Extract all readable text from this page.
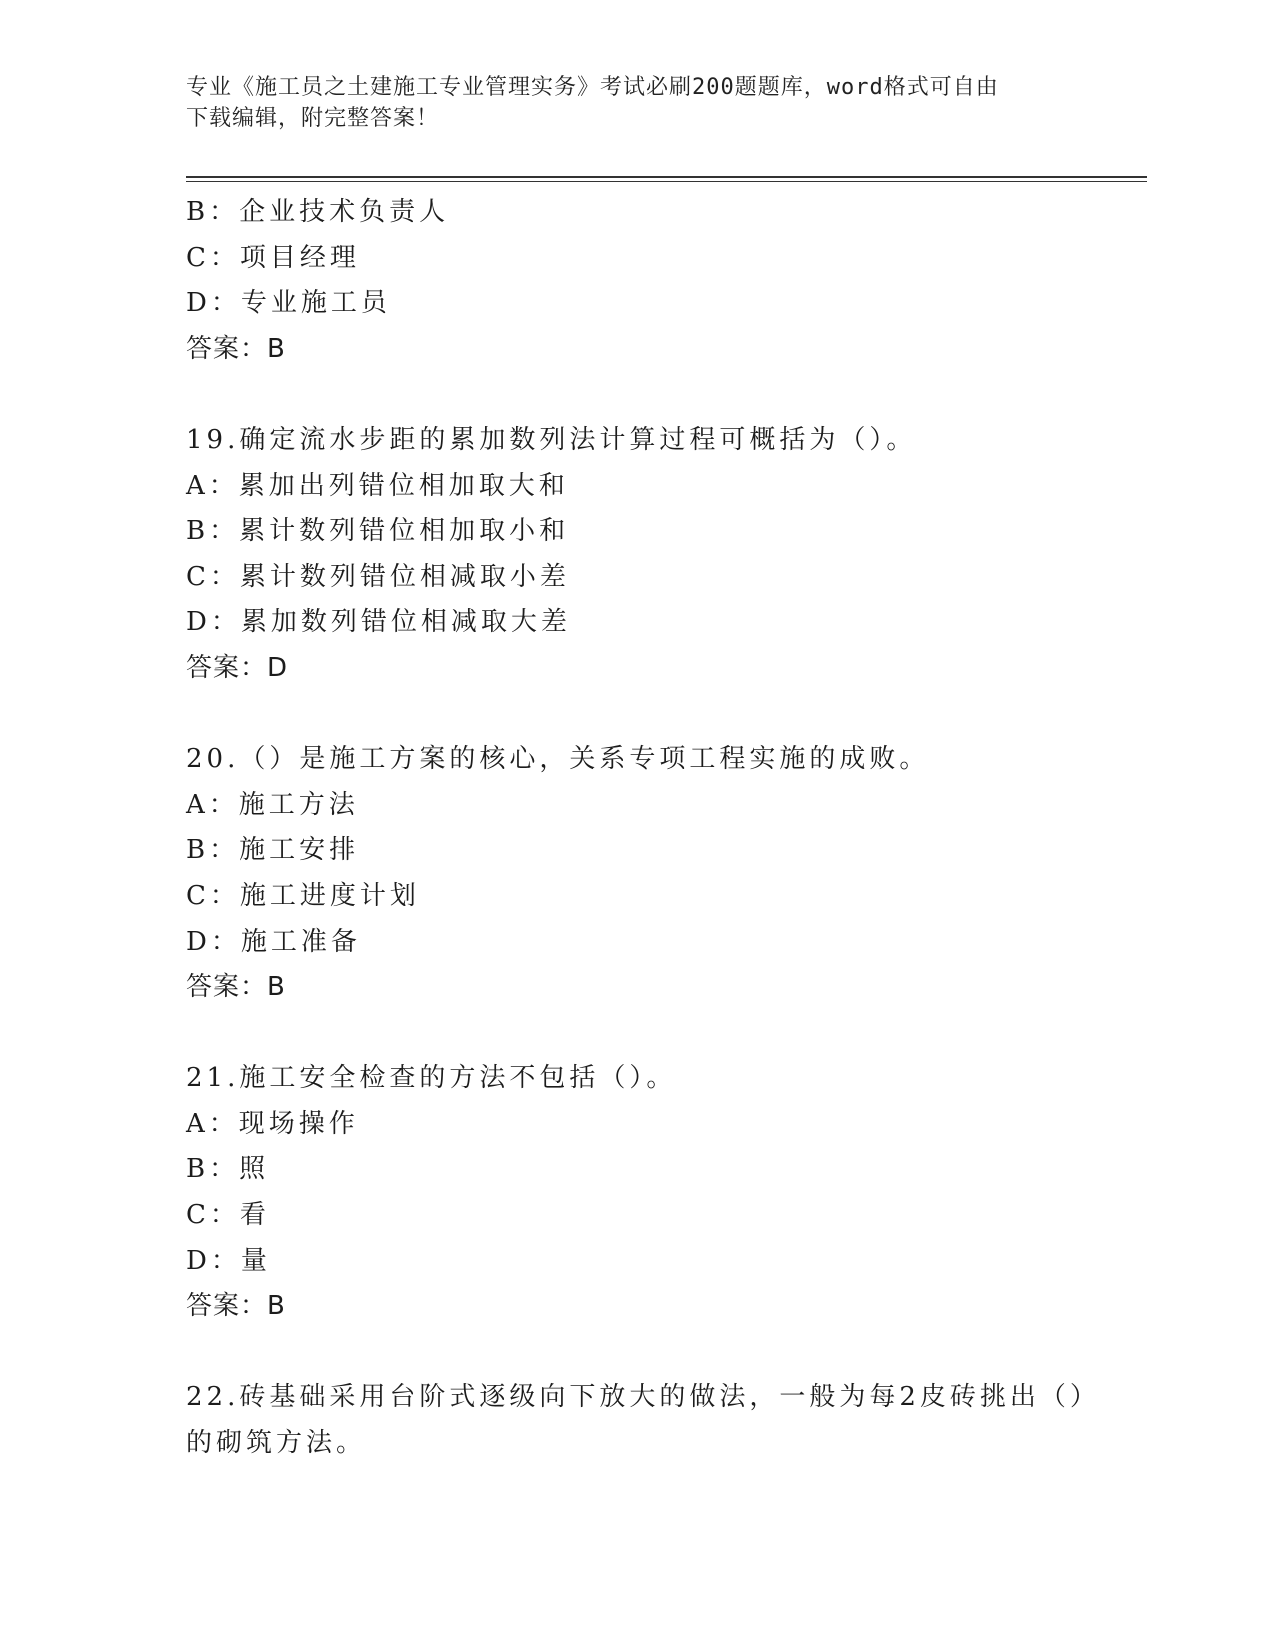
专业《施工员之土建施工专业管理实务》考试必刷200题题库，word格式可自由
下载编辑，附完整答案！
B：企业技术负责人
C：项目经理
D：专业施工员
答案：B
19.确定流水步距的累加数列法计算过程可概括为（）。
A：累加出列错位相加取大和
B：累计数列错位相加取小和
C：累计数列错位相减取小差
D：累加数列错位相减取大差
答案：D
20.（）是施工方案的核心，关系专项工程实施的成败。
A：施工方法
B：施工安排
C：施工进度计划
D：施工准备
答案：B
21.施工安全检查的方法不包括（）。
A：现场操作
B：照
C：看
D：量
答案：B
22.砖基础采用台阶式逐级向下放大的做法，一般为每2皮砖挑出（）
的砌筑方法。
